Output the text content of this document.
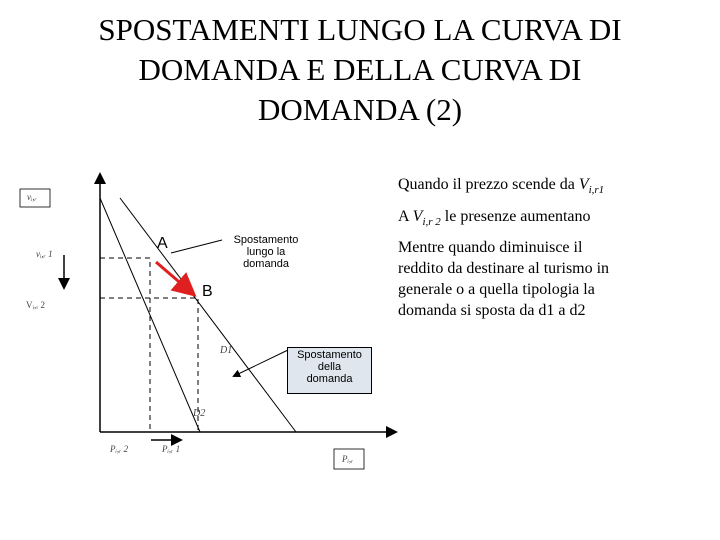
SPOSTAMENTI LUNGO LA CURVA DI
DOMANDA E DELLA CURVA DI
DOMANDA (2)
Quando il prezzo scende da $V_{i,r1}$
A $V_{i,r 2}$ le presenze aumentano
Mentre quando diminuisce il
reddito da destinare al turismo in
generale o a quella tipologia la
domanda si sposta da d1 a d2
vᵢ,ᵣ
vᵢ,ᵣ 1
Vᵢ,ᵣ 2
Pᵢ,ᵣ
Pᵢ,ᵣ 2	Pᵢ,ᵣ 1
D1
D2
A
B
Spostamento
lungo la
domanda
Spostamento
della
domanda
